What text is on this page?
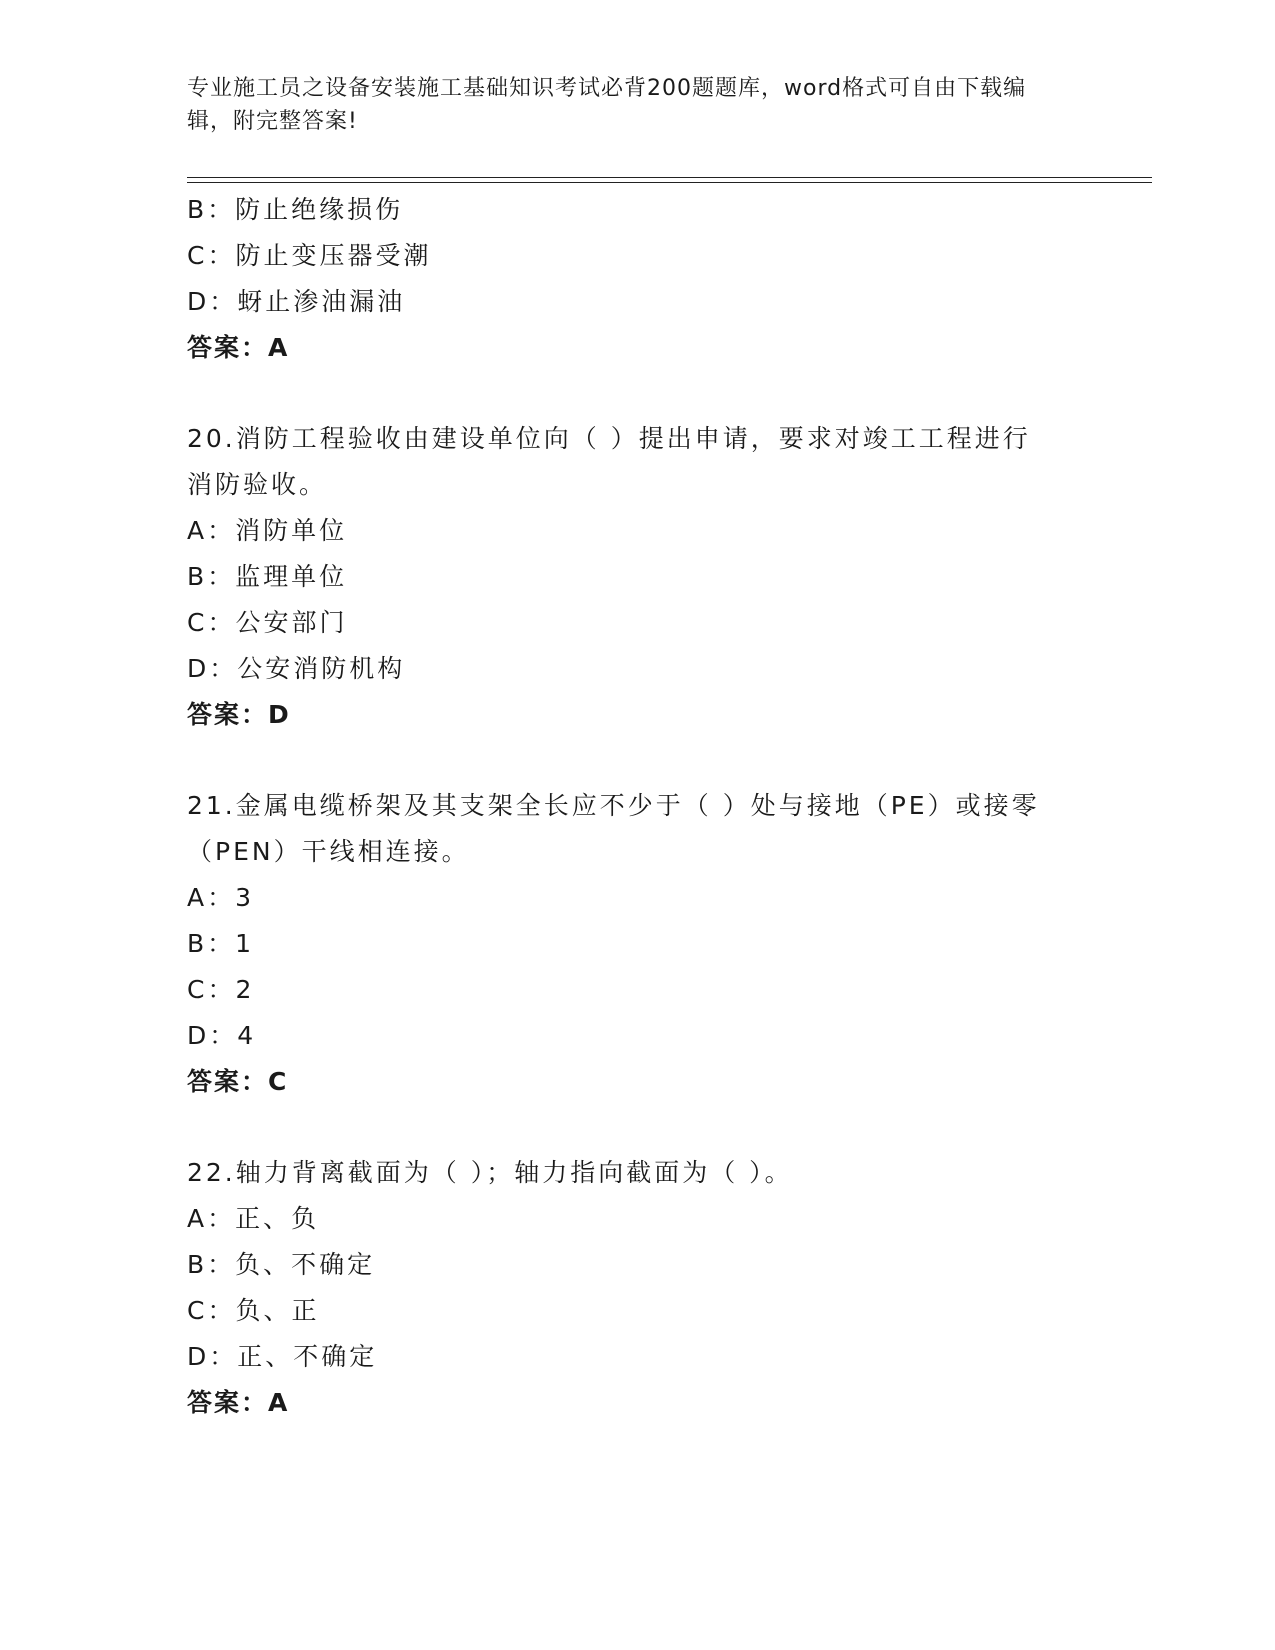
专业施工员之设备安装施工基础知识考试必背200题题库，word格式可自由下载编辑，附完整答案!
B：防止绝缘损伤
C：防止变压器受潮
D：蚜止渗油漏油
答案：A
20.消防工程验收由建设单位向（ ）提出申请，要求对竣工工程进行消防验收。
A：消防单位
B：监理单位
C：公安部门
D：公安消防机构
答案：D
21.金属电缆桥架及其支架全长应不少于（ ）处与接地（PE）或接零（PEN）干线相连接。
A：3
B：1
C：2
D：4
答案：C
22.轴力背离截面为（ ）；轴力指向截面为（ ）。
A：正、负
B：负、不确定
C：负、正
D：正、不确定
答案：A
